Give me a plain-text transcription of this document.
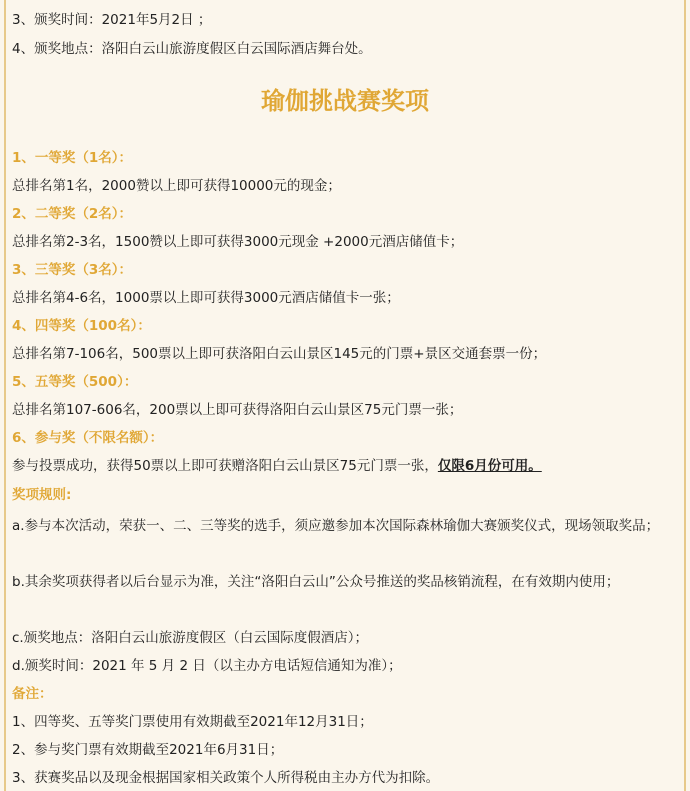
3、颁奖时间：2021年5月2日 ；
4、颁奖地点：洛阳白云山旅游度假区白云国际酒店舞台处。
瑜伽挑战赛奖项
1、一等奖（1名）：
总排名第1名，2000赞以上即可获得10000元的现金；
2、二等奖（2名）：
总排名第2-3名，1500赞以上即可获得3000元现金 +2000元酒店储值卡；
3、三等奖（3名）：
总排名第4-6名，1000票以上即可获得3000元酒店储值卡一张；
4、四等奖（100名）：
总排名第7-106名，500票以上即可获洛阳白云山景区145元的门票+景区交通套票一份；
5、五等奖（500）：
总排名第107-606名，200票以上即可获得洛阳白云山景区75元门票一张；
6、参与奖（不限名额）：
参与投票成功，获得50票以上即可获赠洛阳白云山景区75元门票一张，仅限6月份可用。
奖项规则:
a.参与本次活动，荣获一、二、三等奖的选手，须应邀参加本次国际森林瑜伽大赛颁奖仪式，现场领取奖品；
b.其余奖项获得者以后台显示为准，关注“洛阳白云山”公众号推送的奖品核销流程，在有效期内使用；
c.颁奖地点：洛阳白云山旅游度假区（白云国际度假酒店）；
d.颁奖时间：2021 年 5 月 2 日（以主办方电话短信通知为准）；
备注：
1、四等奖、五等奖门票使用有效期截至2021年12月31日；
2、参与奖门票有效期截至2021年6月31日；
3、获赛奖品以及现金根据国家相关政策个人所得税由主办方代为扣除。
